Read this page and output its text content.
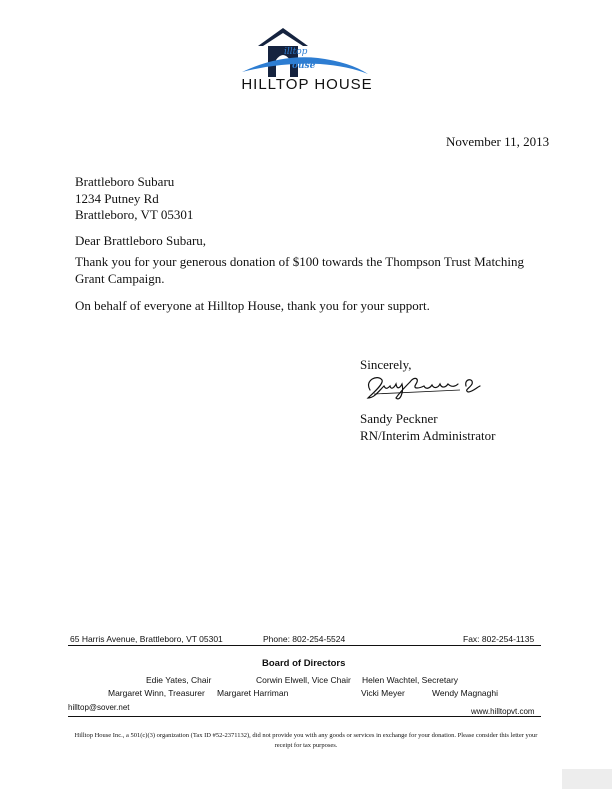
illtop
ouse
HILLTOP HOUSE
November 11, 2013
Brattleboro Subaru
1234 Putney Rd
Brattleboro, VT 05301
Dear Brattleboro Subaru,
Thank you for your generous donation of $100 towards the Thompson Trust Matching Grant Campaign.
On behalf of everyone at Hilltop House, thank you for your support.
Sincerely,
Sandy Peckner
RN/Interim Administrator
65 Harris Avenue, Brattleboro, VT 05301	Phone: 802-254-5524	Fax: 802-254-1135
Board of Directors
Edie Yates, Chair	Corwin Elwell, Vice Chair Helen Wachtel, Secretary
Margaret Winn, Treasurer Margaret Harriman	Vicki Meyer	Wendy Magnaghi
hilltop@sover.net	www.hilltopvt.com
Hilltop House Inc., a 501(c)(3) organization (Tax ID #52-2371132), did not provide you with any goods or services in exchange for your donation. Please consider this letter your receipt for tax purposes.
